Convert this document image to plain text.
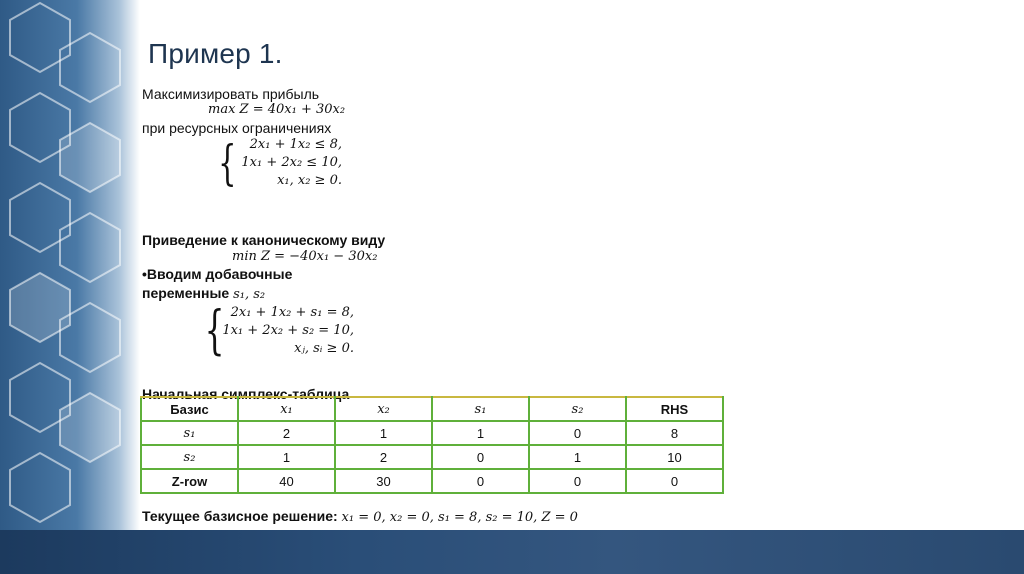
Пример 1.
Максимизировать прибыль
max Z = 40x₁ + 30x₂
при ресурсных ограничениях
{	2x₁ + 1x₂ ≤ 8,
1x₁ + 2x₂ ≤ 10,
x₁, x₂ ≥ 0.
Приведение к каноническому виду
min Z = −40x₁ − 30x₂
•Вводим добавочные
переменные s₁, s₂
{ 2x₁ + 1x₂ + s₁ = 8,
1x₁ + 2x₂ + s₂ = 10,
xⱼ, sᵢ ≥ 0.
Начальная симплекс-таблица
Базис	x₁	x₂	s₁	s₂	RHS
s₁	2	1	1	0	8
s₂	1	2	0	1	10
Z-row	40	30	0	0	0
Текущее базисное решение: x₁ = 0, x₂ = 0, s₁ = 8, s₂ = 10, Z = 0
